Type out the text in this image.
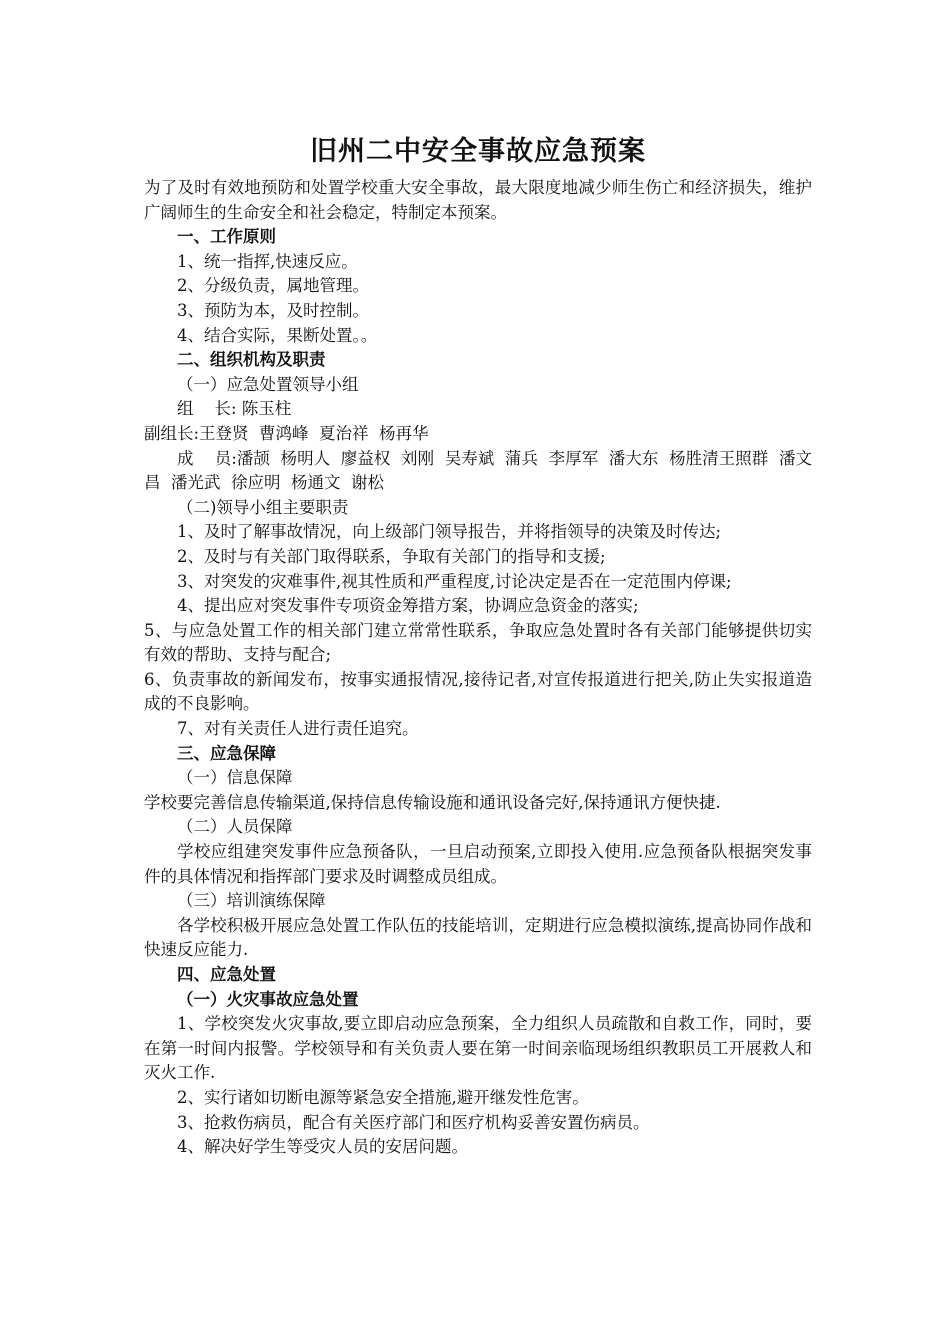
旧州二中安全事故应急预案

为了及时有效地预防和处置学校重大安全事故，最大限度地减少师生伤亡和经济损失，维护广阔师生的生命安全和社会稳定，特制定本预案。

一、工作原则

1、统一指挥,快速反应。

2、分级负责，属地管理。

3、预防为本，及时控制。

4、结合实际，果断处置。。

二、组织机构及职责

（一）应急处置领导小组

组    长: 陈玉柱

副组长:王登贤  曹鸿峰  夏治祥  杨再华

成    员:潘颉  杨明人  廖益权  刘刚  吴寿斌  蒲兵  李厚军  潘大东  杨胜清王照群  潘文昌  潘光武  徐应明  杨通文  谢松

（二)领导小组主要职责

1、及时了解事故情况，向上级部门领导报告，并将指领导的决策及时传达;

2、及时与有关部门取得联系，争取有关部门的指导和支援;

3、对突发的灾难事件,视其性质和严重程度,讨论决定是否在一定范围内停课;

4、提出应对突发事件专项资金筹措方案，协调应急资金的落实;

5、与应急处置工作的相关部门建立常常性联系，争取应急处置时各有关部门能够提供切实有效的帮助、支持与配合;

6、负责事故的新闻发布，按事实通报情况,接待记者,对宣传报道进行把关,防止失实报道造成的不良影响。

7、对有关责任人进行责任追究。

三、应急保障

（一）信息保障

学校要完善信息传输渠道,保持信息传输设施和通讯设备完好,保持通讯方便快捷.

（二）人员保障

学校应组建突发事件应急预备队，一旦启动预案,立即投入使用.应急预备队根据突发事件的具体情况和指挥部门要求及时调整成员组成。

（三）培训演练保障

各学校积极开展应急处置工作队伍的技能培训，定期进行应急模拟演练,提高协同作战和快速反应能力.

四、应急处置

（一）火灾事故应急处置

1、学校突发火灾事故,要立即启动应急预案，全力组织人员疏散和自救工作，同时，要在第一时间内报警。学校领导和有关负责人要在第一时间亲临现场组织教职员工开展救人和灭火工作.

2、实行诸如切断电源等紧急安全措施,避开继发性危害。

3、抢救伤病员，配合有关医疗部门和医疗机构妥善安置伤病员。

4、解决好学生等受灾人员的安居问题。
